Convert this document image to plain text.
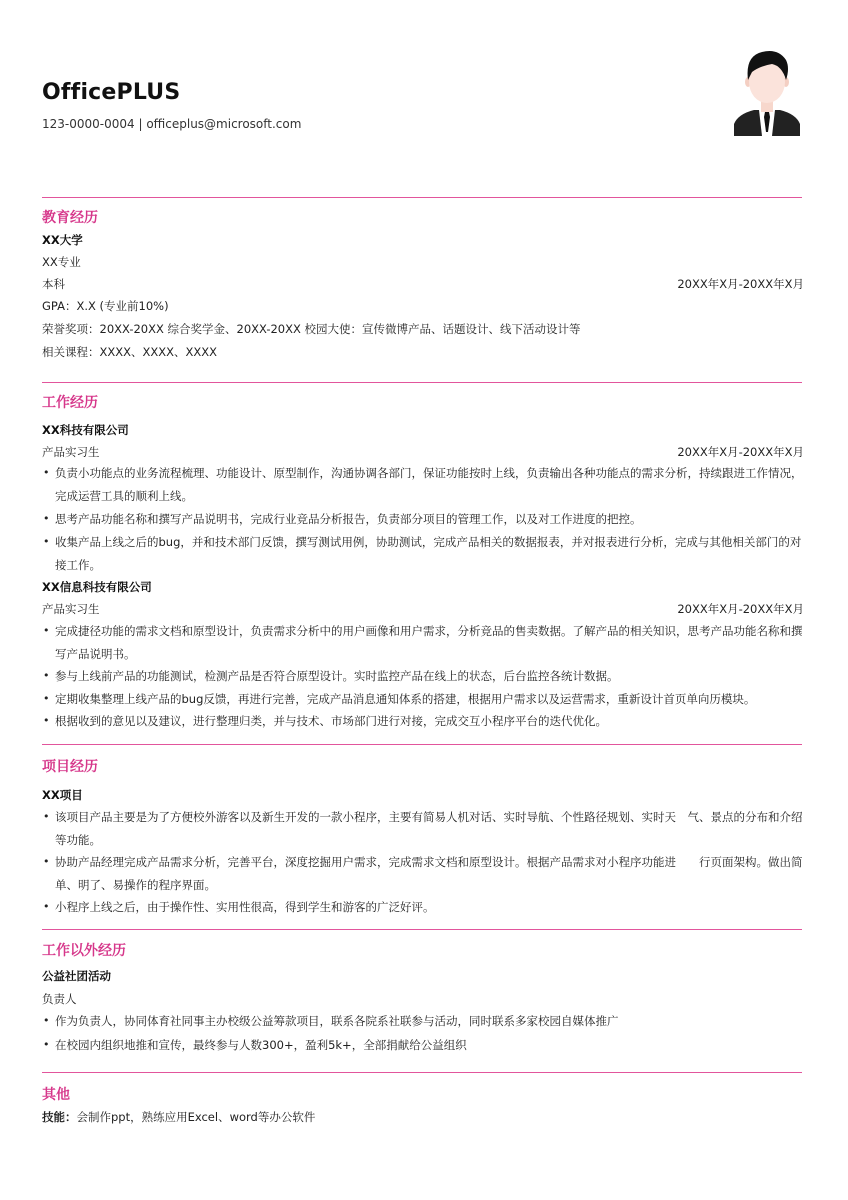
OfficePLUS
123-0000-0004 | officeplus@microsoft.com
教育经历
XX大学
XX专业
本科	20XX年X月-20XX年X月
GPA：X.X (专业前10%)
荣誉奖项：20XX-20XX 综合奖学金、20XX-20XX 校园大使：宣传微博产品、话题设计、线下活动设计等
相关课程：XXXX、XXXX、XXXX
工作经历
XX科技有限公司
产品实习生	20XX年X月-20XX年X月
• 负责小功能点的业务流程梳理、功能设计、原型制作，沟通协调各部门，保证功能按时上线，负责输出各种功能点的需求分析，持续跟进工作情况，完成运营工具的顺利上线。
• 思考产品功能名称和撰写产品说明书，完成行业竞品分析报告，负责部分项目的管理工作，以及对工作进度的把控。
• 收集产品上线之后的bug，并和技术部门反馈，撰写测试用例，协助测试，完成产品相关的数据报表，并对报表进行分析，完成与其他相关部门的对接工作。
XX信息科技有限公司
产品实习生	20XX年X月-20XX年X月
• 完成捷径功能的需求文档和原型设计，负责需求分析中的用户画像和用户需求，分析竞品的售卖数据。了解产品的相关知识，思考产品功能名称和撰写产品说明书。
• 参与上线前产品的功能测试，检测产品是否符合原型设计。实时监控产品在线上的状态，后台监控各统计数据。
• 定期收集整理上线产品的bug反馈，再进行完善，完成产品消息通知体系的搭建，根据用户需求以及运营需求，重新设计首页单向历模块。
• 根据收到的意见以及建议，进行整理归类，并与技术、市场部门进行对接，完成交互小程序平台的迭代优化。
项目经历
XX项目
• 该项目产品主要是为了方便校外游客以及新生开发的一款小程序，主要有简易人机对话、实时导航、个性路径规划、实时天　气、景点的分布和介绍等功能。
• 协助产品经理完成产品需求分析，完善平台，深度挖掘用户需求，完成需求文档和原型设计。根据产品需求对小程序功能进　　行页面架构。做出简单、明了、易操作的程序界面。
• 小程序上线之后，由于操作性、实用性很高，得到学生和游客的广泛好评。
工作以外经历
公益社团活动
负责人
• 作为负责人，协同体育社同事主办校级公益筹款项目，联系各院系社联参与活动，同时联系多家校园自媒体推广
• 在校园内组织地推和宣传，最终参与人数300+，盈利5k+，全部捐献给公益组织
其他
技能：会制作ppt，熟练应用Excel、word等办公软件
